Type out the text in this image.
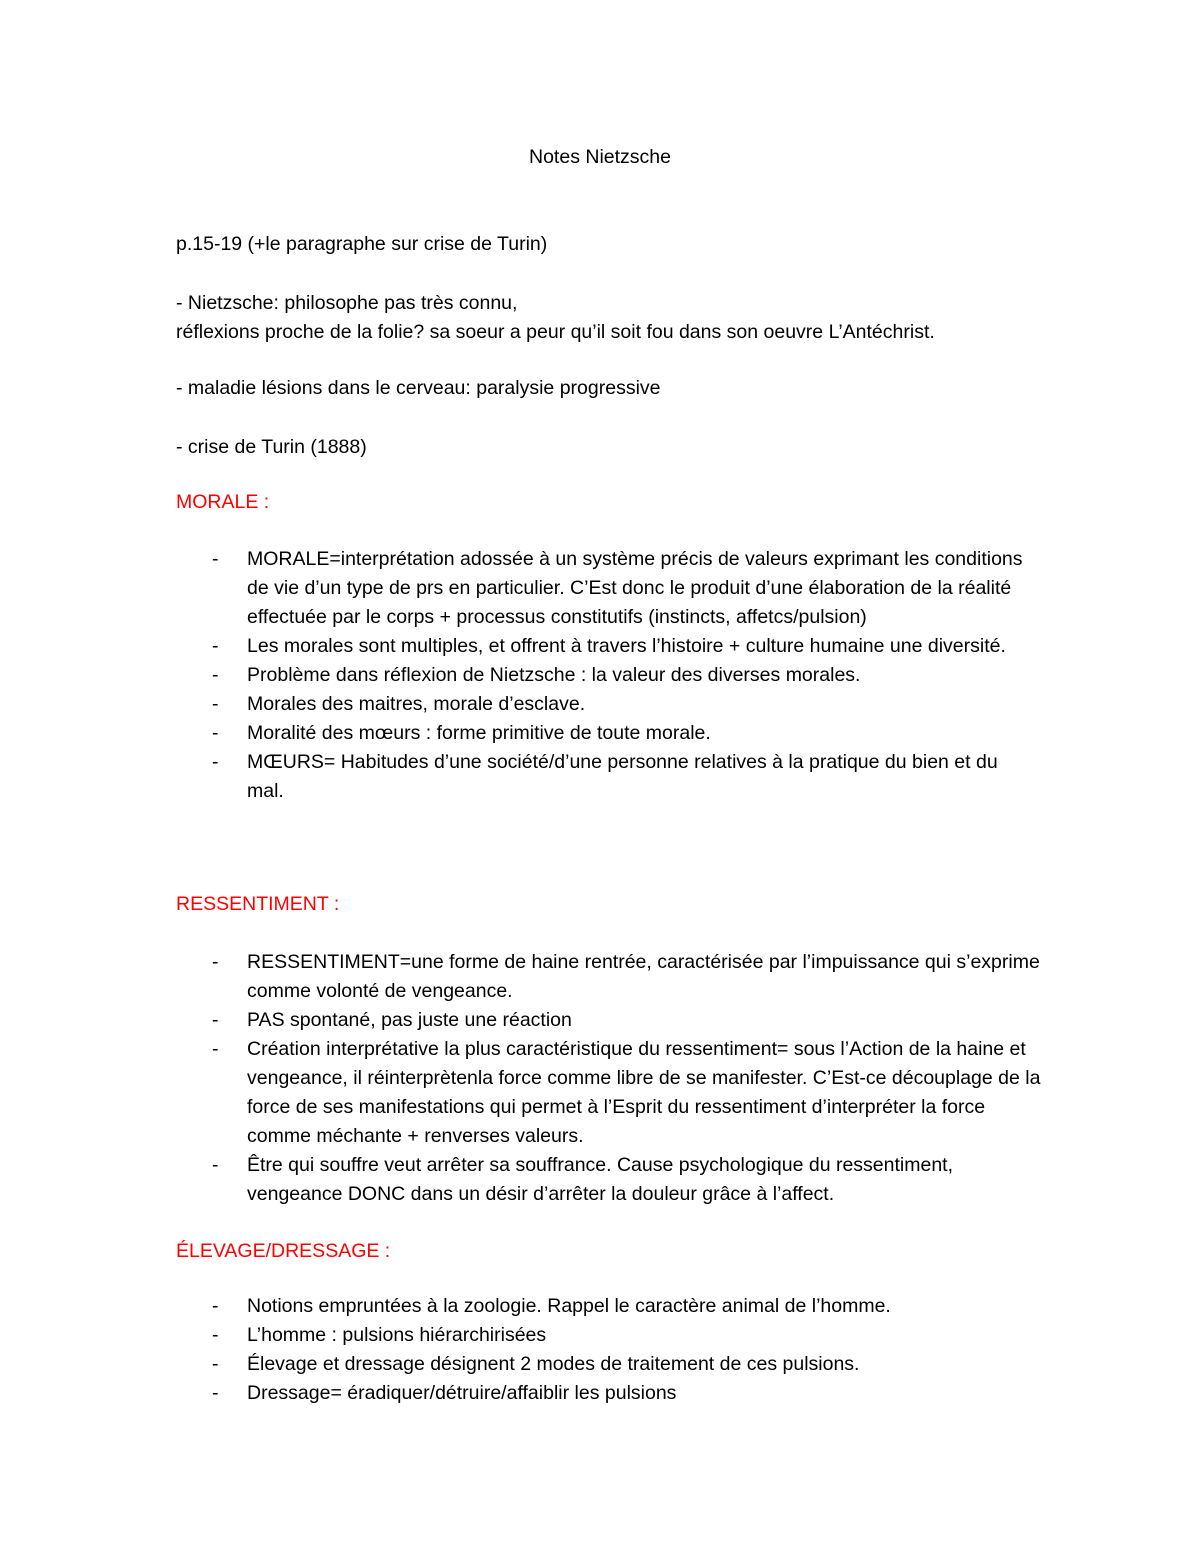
Notes Nietzsche
p.15-19 (+le paragraphe sur crise de Turin)
- Nietzsche: philosophe pas très connu,
réflexions proche de la folie? sa soeur a peur qu’il soit fou dans son oeuvre L’Antéchrist.
- maladie lésions dans le cerveau: paralysie progressive
- crise de Turin (1888)
MORALE :
- MORALE=interprétation adossée à un système précis de valeurs exprimant les conditions de vie d’un type de prs en particulier. C’Est donc le produit d’une élaboration de la réalité effectuée par le corps + processus constitutifs (instincts, affetcs/pulsion)
- Les morales sont multiples, et offrent à travers l’histoire + culture humaine une diversité.
- Problème dans réflexion de Nietzsche : la valeur des diverses morales.
- Morales des maitres, morale d’esclave.
- Moralité des mœurs : forme primitive de toute morale.
- MŒURS= Habitudes d’une société/d’une personne relatives à la pratique du bien et du mal.
RESSENTIMENT :
- RESSENTIMENT=une forme de haine rentrée, caractérisée par l’impuissance qui s’exprime comme volonté de vengeance.
- PAS spontané, pas juste une réaction
- Création interprétative la plus caractéristique du ressentiment= sous l’Action de la haine et vengeance, il réinterprètenla force comme libre de se manifester. C’Est-ce découplage de la force de ses manifestations qui permet à l’Esprit du ressentiment d’interpréter la force comme méchante + renverses valeurs.
- Être qui souffre veut arrêter sa souffrance. Cause psychologique du ressentiment, vengeance DONC dans un désir d’arrêter la douleur grâce à l’affect.
ÉLEVAGE/DRESSAGE :
- Notions empruntées à la zoologie. Rappel le caractère animal de l’homme.
- L’homme : pulsions hiérarchirisées
- Élevage et dressage désignent 2 modes de traitement de ces pulsions.
- Dressage= éradiquer/détruire/affaiblir les pulsions
